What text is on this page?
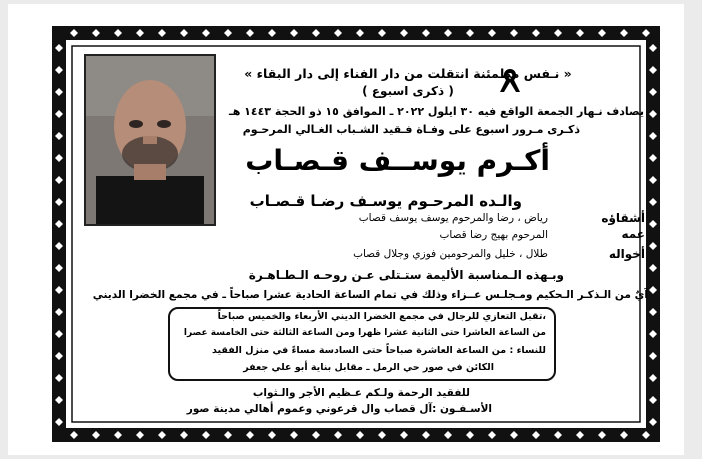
« نـفس مطمئنة انتقلت من دار الفناء إلى دار البقاء »
( ذكرى اسبوع )
يصادف نـهار الجمعة الواقع فيه ٣٠ ايلول ٢٠٢٢ ـ الموافق ١٥ ذو الحجة ١٤٤٣ هـ
ذكـرى مـرور اسبوع على وفـاة فـقيد الشـباب الغـالي المرحـوم
أكـرم يوســف قـصـاب
والـده المرحـوم يوسـف رضـا قـصـاب
أشقاؤه
رياض ، رضا والمرحوم يوسف يوسف قصاب
عمه
المرحوم بهيج رضا قصاب
أخواله
طلال ، خليل والمرحومين فوزي وجلال قصاب
وبـهذه الـمناسبة الأليمة ستـتلى عـن روحـه الـطـاهـرة
آيٌ من الـذكـر الـحكيم ومـجلـس عــزاء وذلك في تمام الساعة الحادية عشرا صباحاً ـ في مجمع الخضرا الديني
تقبل التعازي للرجال في مجمع الخضرا الديني الأربعاء والخميس صباحاً،
من الساعة العاشرا حتى الثانية عشرا ظهرا ومن الساعة الثالثة حتى الخامسة عصرا
للنساء : من الساعة العاشرة صباحاً حتى السادسة مساءً في منزل الفقيد
الكائن في صور حي الرمل ـ مقابل بناية أبو علي جعفر
للفقيد الرحمة ولـكم عـظيم الأجر والـثواب
الأسـفـون :آل قصاب وال قرعوني وعموم أهالي مدينة صور
